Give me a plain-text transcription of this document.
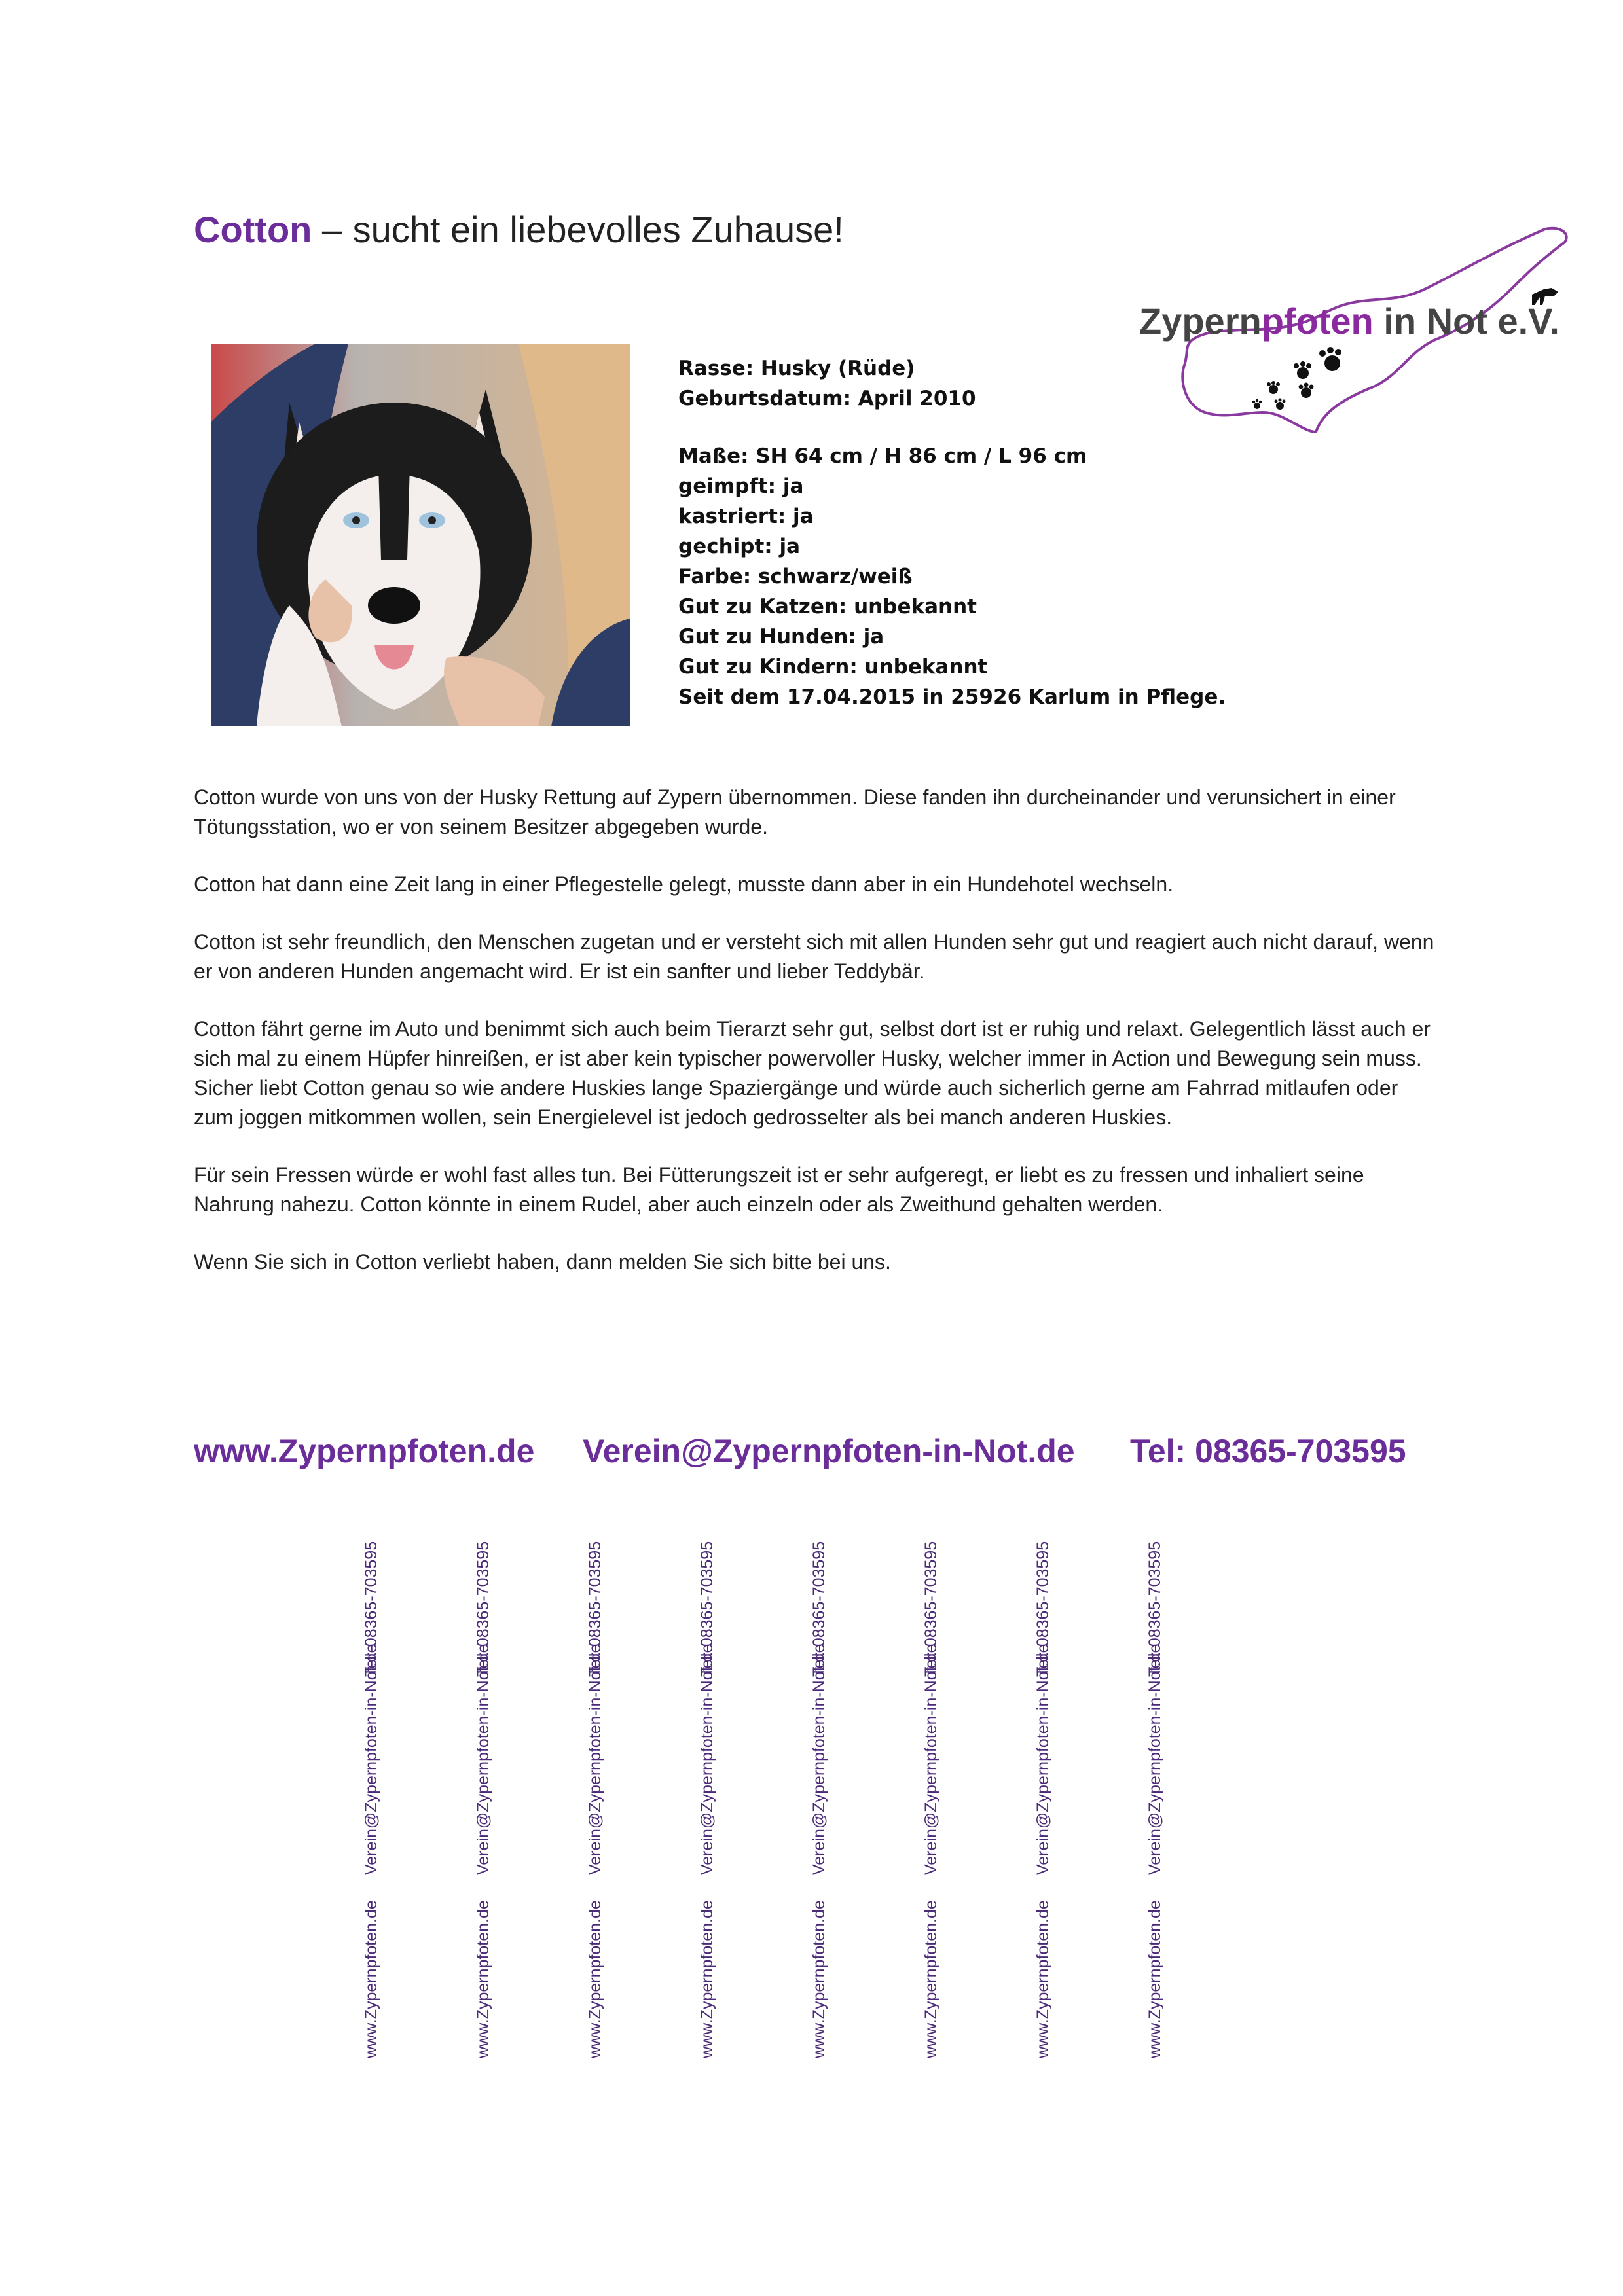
Cotton – sucht ein liebevolles Zuhause!
Zypernpfoten in Not e.V.
Rasse: Husky (Rüde)
Geburtsdatum: April 2010
Maße: SH 64 cm / H 86 cm / L 96 cm
geimpft: ja
kastriert: ja
gechipt: ja
Farbe: schwarz/weiß
Gut zu Katzen: unbekannt
Gut zu Hunden: ja
Gut zu Kindern: unbekannt
Seit dem 17.04.2015 in 25926 Karlum in Pflege.

Cotton wurde von uns von der Husky Rettung auf Zypern übernommen. Diese fanden ihn durcheinander und verunsichert in einer Tötungsstation, wo er von seinem Besitzer abgegeben wurde.

Cotton hat dann eine Zeit lang in einer Pflegestelle gelegt, musste dann aber in ein Hundehotel wechseln.

Cotton ist sehr freundlich, den Menschen zugetan und er versteht sich mit allen Hunden sehr gut und reagiert auch nicht darauf, wenn er von anderen Hunden angemacht wird. Er ist ein sanfter und lieber Teddybär.

Cotton fährt gerne im Auto und benimmt sich auch beim Tierarzt sehr gut, selbst dort ist er ruhig und relaxt. Gelegentlich lässt auch er sich mal zu einem Hüpfer hinreißen, er ist aber kein typischer powervoller Husky, welcher immer in Action und Bewegung sein muss. Sicher liebt Cotton genau so wie andere Huskies lange Spaziergänge und würde auch sicherlich gerne am Fahrrad mitlaufen oder zum joggen mitkommen wollen, sein Energielevel ist jedoch gedrosselter als bei manch anderen Huskies.

Für sein Fressen würde er wohl fast alles tun. Bei Fütterungszeit ist er sehr aufgeregt, er liebt es zu fressen und inhaliert seine Nahrung nahezu. Cotton könnte in einem Rudel, aber auch einzeln oder als Zweithund gehalten werden.

Wenn Sie sich in Cotton verliebt haben, dann melden Sie sich bitte bei uns.

www.Zypernpfoten.de Verein@Zypernpfoten-in-Not.de Tel: 08365-703595
www.Zypernpfoten.de
Verein@Zypernpfoten-in-Not.de
Tel: 08365-703595
www.Zypernpfoten.de
Verein@Zypernpfoten-in-Not.de
Tel: 08365-703595
www.Zypernpfoten.de
Verein@Zypernpfoten-in-Not.de
Tel: 08365-703595
www.Zypernpfoten.de
Verein@Zypernpfoten-in-Not.de
Tel: 08365-703595
www.Zypernpfoten.de
Verein@Zypernpfoten-in-Not.de
Tel: 08365-703595
www.Zypernpfoten.de
Verein@Zypernpfoten-in-Not.de
Tel: 08365-703595
www.Zypernpfoten.de
Verein@Zypernpfoten-in-Not.de
Tel: 08365-703595
www.Zypernpfoten.de
Verein@Zypernpfoten-in-Not.de
Tel: 08365-703595
